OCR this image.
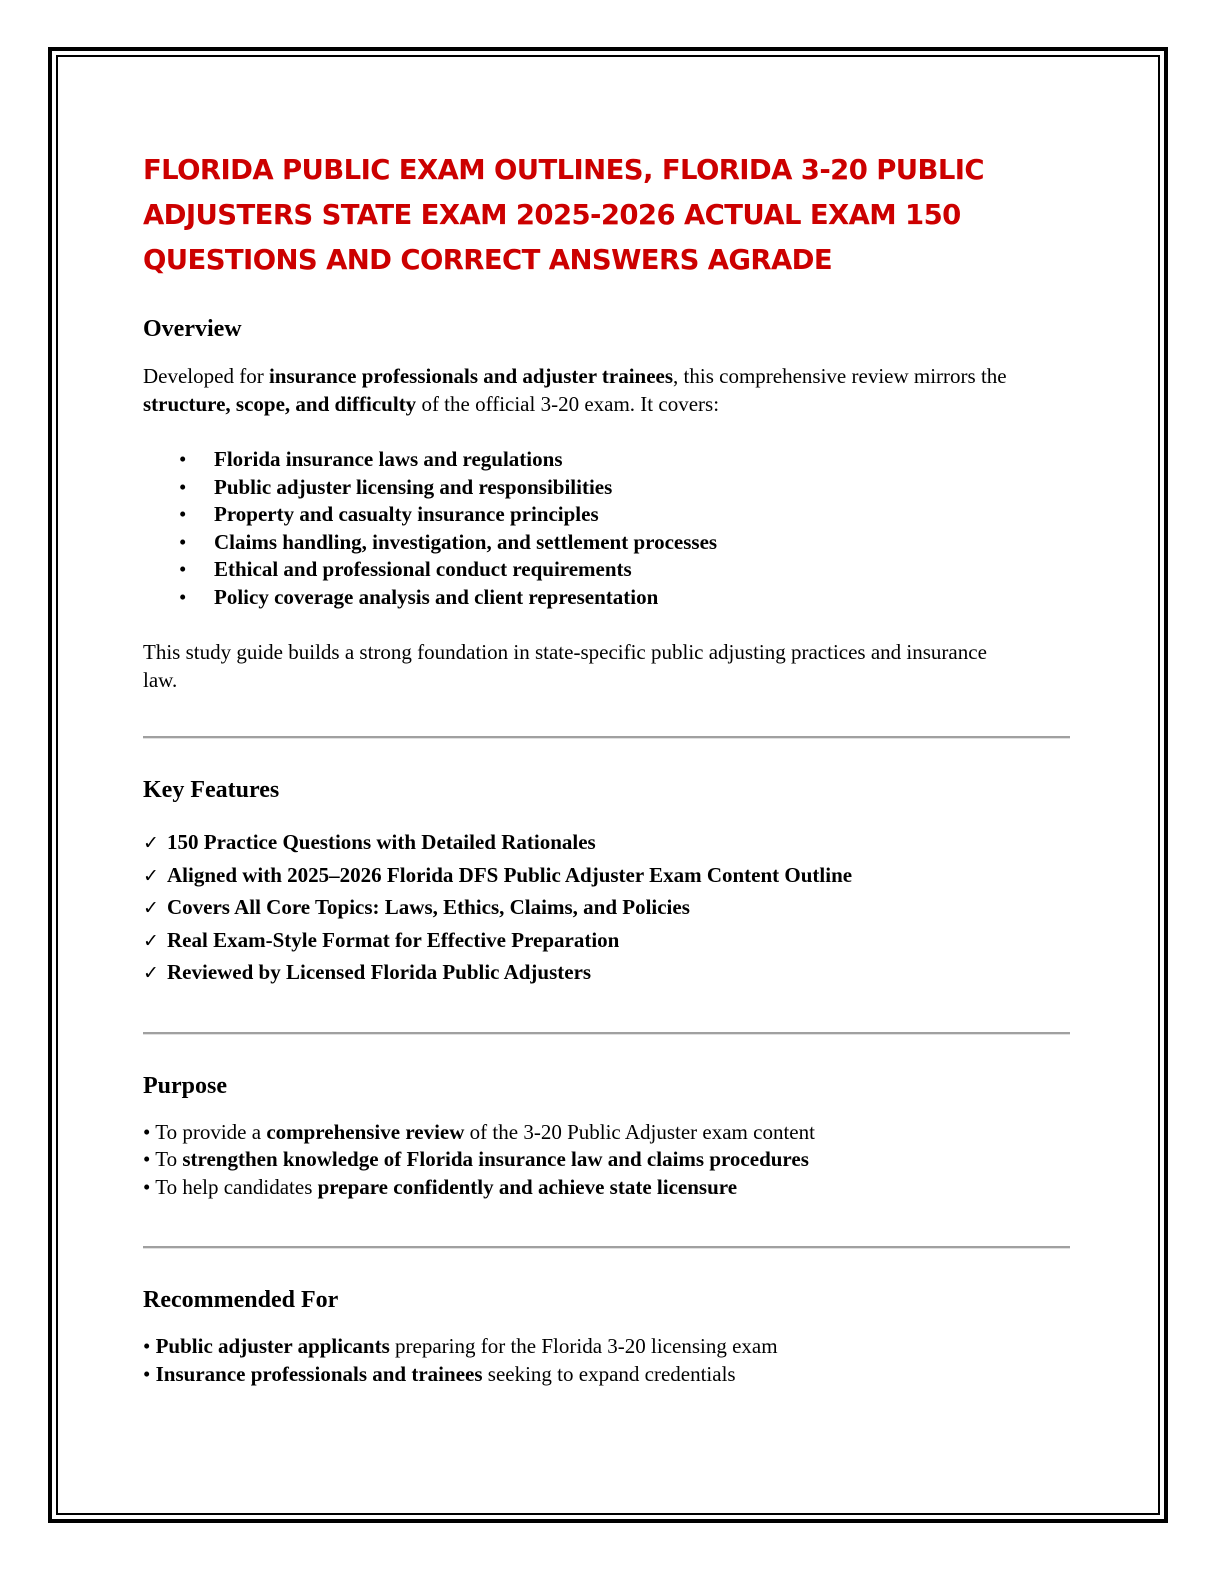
FLORIDA PUBLIC EXAM OUTLINES, FLORIDA 3-20 PUBLIC
ADJUSTERS STATE EXAM 2025-2026 ACTUAL EXAM 150
QUESTIONS AND CORRECT ANSWERS AGRADE
Overview

Developed for insurance professionals and adjuster trainees, this comprehensive review mirrors the structure, scope, and difficulty of the official 3-20 exam. It covers:

• Florida insurance laws and regulations
• Public adjuster licensing and responsibilities
• Property and casualty insurance principles
• Claims handling, investigation, and settlement processes
• Ethical and professional conduct requirements
• Policy coverage analysis and client representation

This study guide builds a strong foundation in state-specific public adjusting practices and insurance law.

Key Features
✓ 150 Practice Questions with Detailed Rationales
✓ Aligned with 2025–2026 Florida DFS Public Adjuster Exam Content Outline
✓ Covers All Core Topics: Laws, Ethics, Claims, and Policies
✓ Real Exam-Style Format for Effective Preparation
✓ Reviewed by Licensed Florida Public Adjusters
Purpose
• To provide a comprehensive review of the 3-20 Public Adjuster exam content
• To strengthen knowledge of Florida insurance law and claims procedures
• To help candidates prepare confidently and achieve state licensure
Recommended For
• Public adjuster applicants preparing for the Florida 3-20 licensing exam
• Insurance professionals and trainees seeking to expand credentials
